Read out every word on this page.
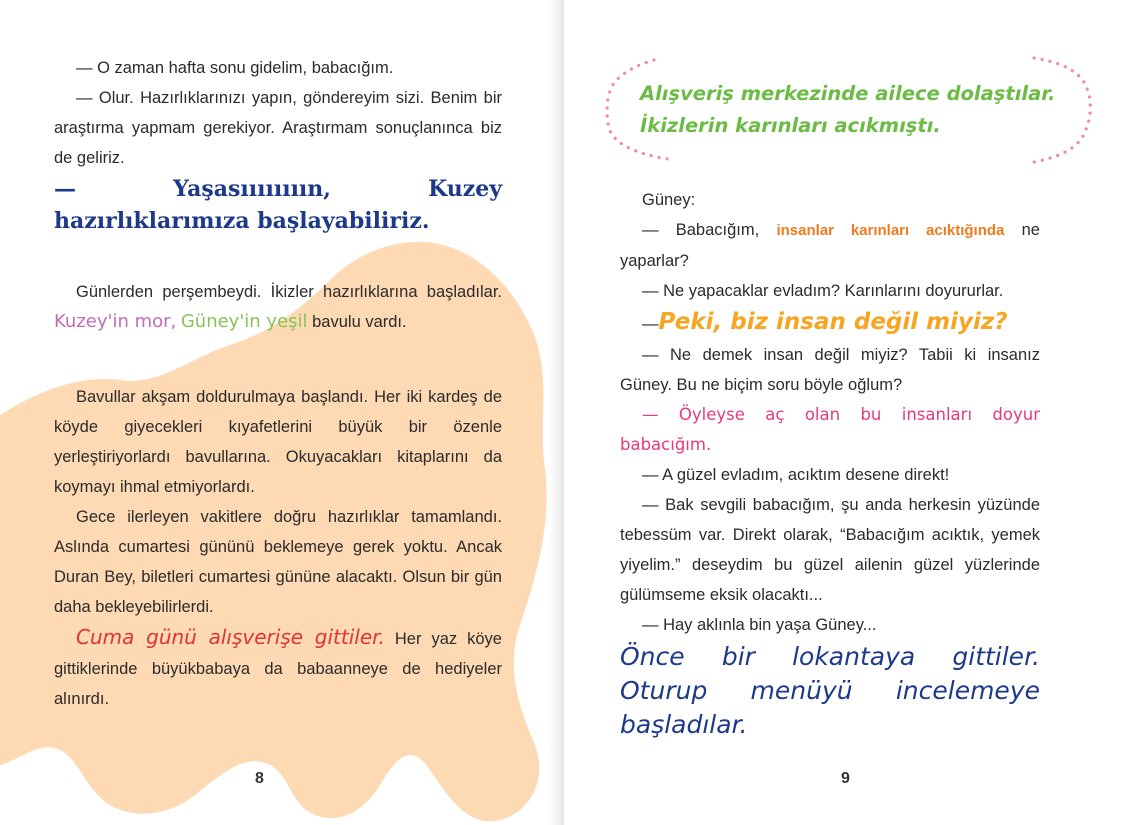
— O zaman hafta sonu gidelim, babacığım.

— Olur. Hazırlıklarınızı yapın, göndereyim sizi. Benim bir araştırma yapmam gerekiyor. Araştırmam sonuçlanınca biz de geliriz.

—	Yaşasıııııııın, Kuzey hazırlıklarımıza başlayabiliriz.

Günlerden perşembeydi. İkizler hazırlıklarına başladılar. Kuzey'in mor, Güney'in yeşil bavulu vardı.

Bavullar akşam doldurulmaya başlandı. Her iki kardeş de köyde giyecekleri kıyafetlerini büyük bir özenle yerleştiriyorlardı bavullarına. Okuyacakları kitaplarını da koymayı ihmal etmiyorlardı.

Gece ilerleyen vakitlere doğru hazırlıklar tamamlandı. Aslında cumartesi gününü beklemeye gerek yoktu. Ancak Duran Bey, biletleri cumartesi gününe alacaktı. Olsun bir gün daha bekleyebilirlerdi.

Cuma günü alışverişe gittiler. Her yaz köye gittiklerinde büyükbabaya da babaanneye de hediyeler alınırdı.

8

Alışveriş merkezinde ailece dolaştılar. İkizlerin karınları acıkmıştı.

Güney:

— Babacığım, insanlar karınları acıktığında ne yaparlar?

— Ne yapacaklar evladım? Karınlarını doyururlar.

—Peki, biz insan değil miyiz?

— Ne demek insan değil miyiz? Tabii ki insanız Güney. Bu ne biçim soru böyle oğlum?

— Öyleyse aç olan bu insanları doyur babacığım.

— A güzel evladım, acıktım desene direkt!

— Bak sevgili babacığım, şu anda herkesin yüzünde tebessüm var. Direkt olarak, “Babacığım acıktık, yemek yiyelim.” deseydim bu güzel ailenin güzel yüzlerinde gülümseme eksik olacaktı...

— Hay aklınla bin yaşa Güney...

Önce bir lokantaya gittiler. Oturup menüyü incelemeye başladılar.

9
